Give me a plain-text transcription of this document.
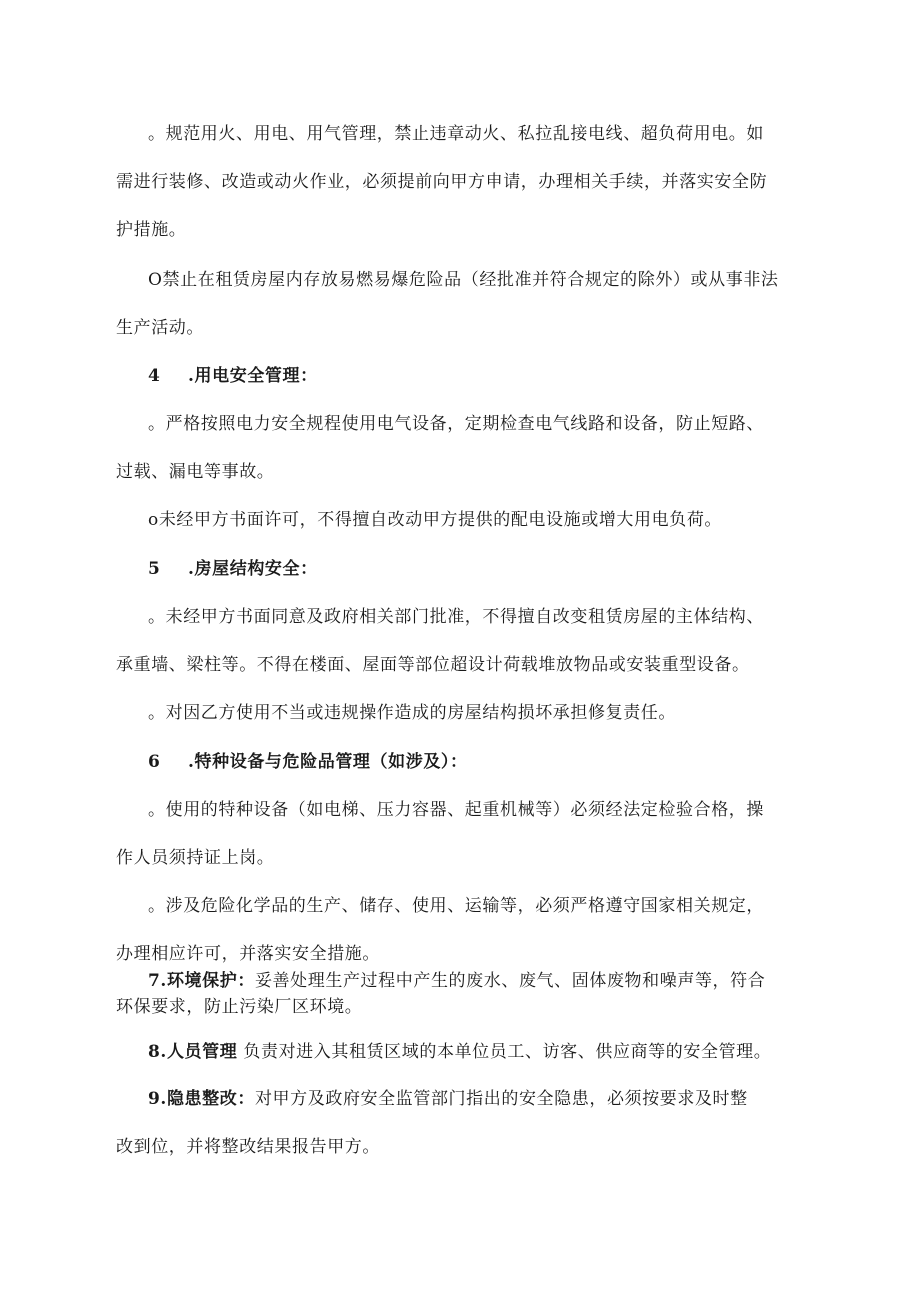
。规范用火、用电、用气管理，禁止违章动火、私拉乱接电线、超负荷用电。如
需进行装修、改造或动火作业，必须提前向甲方申请，办理相关手续，并落实安全防
护措施。
O禁止在租赁房屋内存放易燃易爆危险品（经批准并符合规定的除外）或从事非法
生产活动。
4 .用电安全管理：
。严格按照电力安全规程使用电气设备，定期检查电气线路和设备，防止短路、
过载、漏电等事故。
o未经甲方书面许可，不得擅自改动甲方提供的配电设施或增大用电负荷。
5 .房屋结构安全：
。未经甲方书面同意及政府相关部门批准，不得擅自改变租赁房屋的主体结构、
承重墙、梁柱等。不得在楼面、屋面等部位超设计荷载堆放物品或安装重型设备。
。对因乙方使用不当或违规操作造成的房屋结构损坏承担修复责任。
6 .特种设备与危险品管理（如涉及）：
。使用的特种设备（如电梯、压力容器、起重机械等）必须经法定检验合格，操
作人员须持证上岗。
。涉及危险化学品的生产、储存、使用、运输等，必须严格遵守国家相关规定，
办理相应许可，并落实安全措施。
7.环境保护：妥善处理生产过程中产生的废水、废气、固体废物和噪声等，符合
环保要求，防止污染厂区环境。
8.人员管理 负责对进入其租赁区域的本单位员工、访客、供应商等的安全管理。
9.隐患整改：对甲方及政府安全监管部门指出的安全隐患，必须按要求及时整
改到位，并将整改结果报告甲方。
